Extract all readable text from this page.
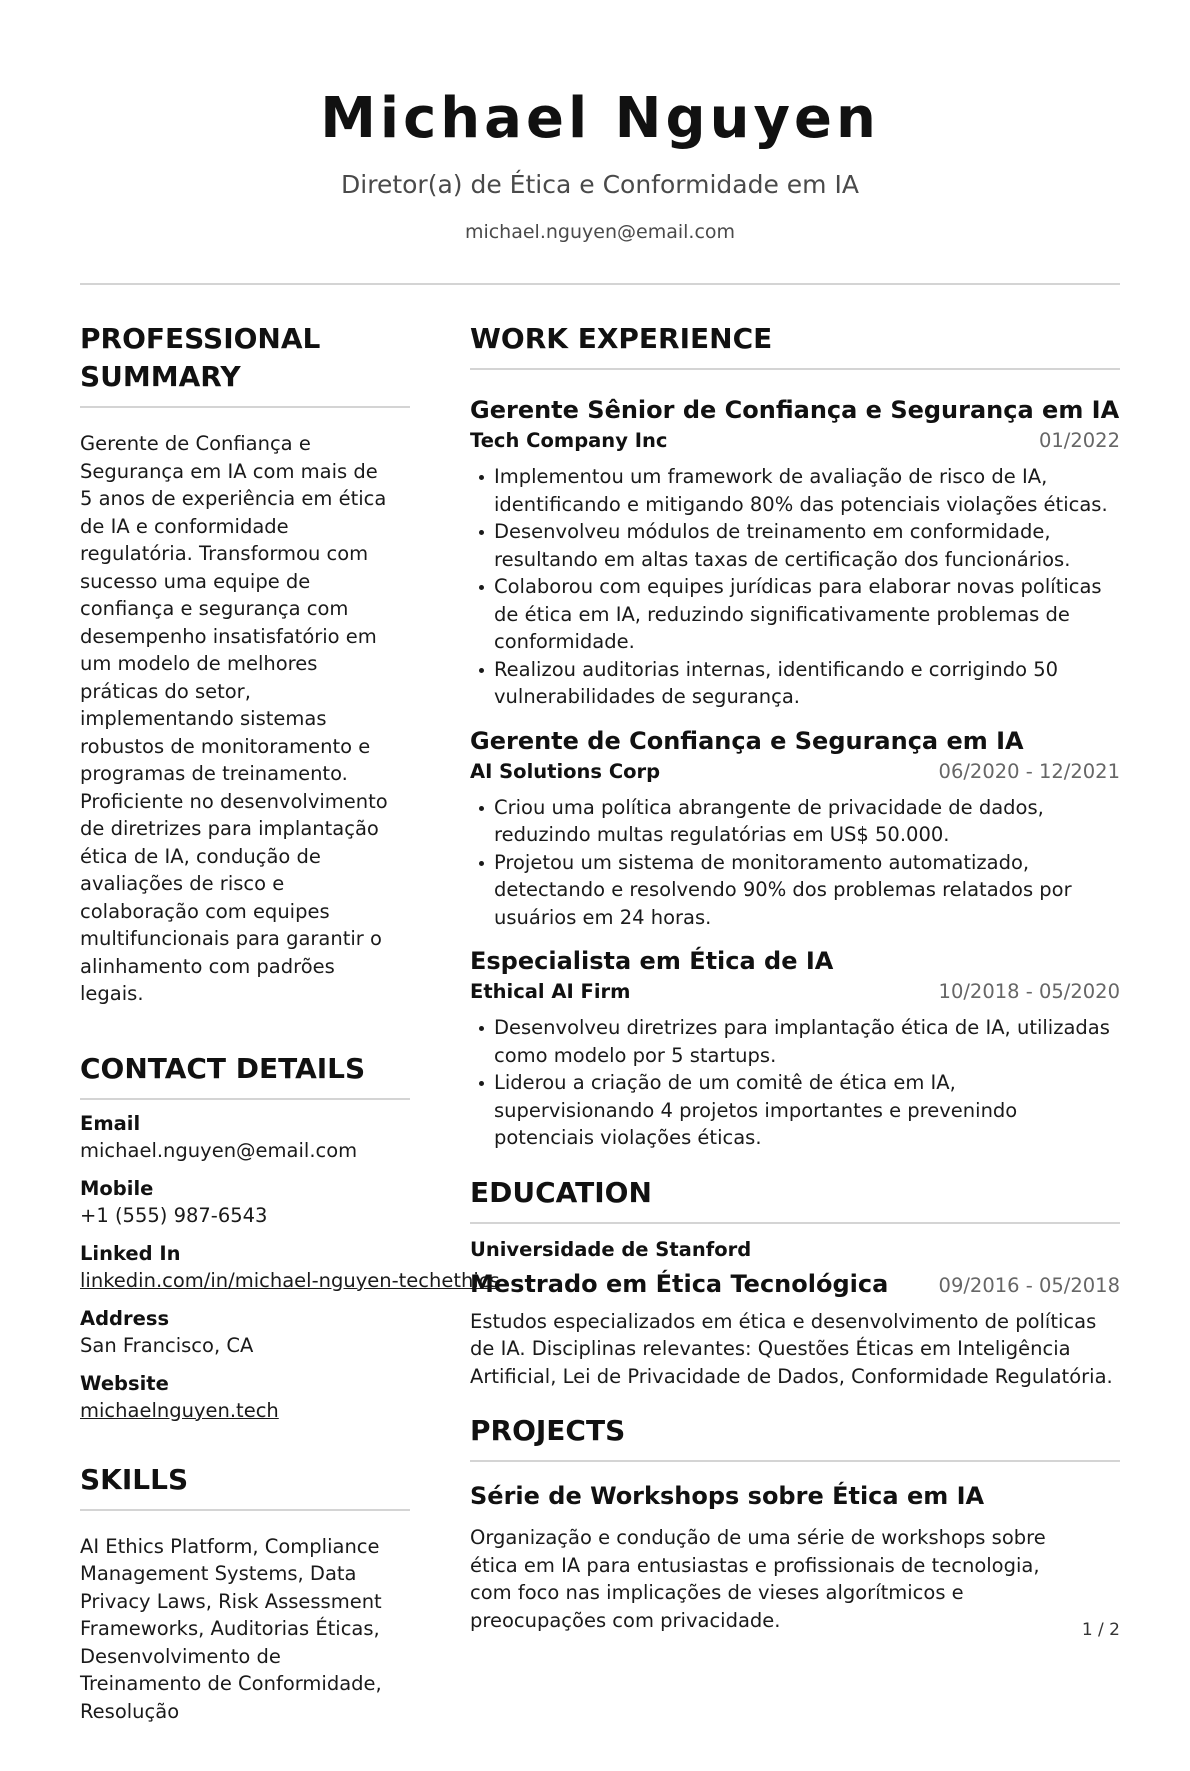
Michael Nguyen
Diretor(a) de Ética e Conformidade em IA
michael.nguyen@email.com
PROFESSIONAL SUMMARY
Gerente de Confiança e Segurança em IA com mais de 5 anos de experiência em ética de IA e conformidade regulatória. Transformou com sucesso uma equipe de confiança e segurança com desempenho insatisfatório em um modelo de melhores práticas do setor, implementando sistemas robustos de monitoramento e programas de treinamento. Proficiente no desenvolvimento de diretrizes para implantação ética de IA, condução de avaliações de risco e colaboração com equipes multifuncionais para garantir o alinhamento com padrões legais.
CONTACT DETAILS
Email
michael.nguyen@email.com
Mobile
+1 (555) 987-6543
Linked In
linkedin.com/in/michael-nguyen-techethics
Address
San Francisco, CA
Website
michaelnguyen.tech
SKILLS
AI Ethics Platform, Compliance Management Systems, Data Privacy Laws, Risk Assessment Frameworks, Auditorias Éticas, Desenvolvimento de Treinamento de Conformidade, Resolução
WORK EXPERIENCE
Gerente Sênior de Confiança e Segurança em IA
Tech Company Inc	01/2022
Implementou um framework de avaliação de risco de IA, identificando e mitigando 80% das potenciais violações éticas.
Desenvolveu módulos de treinamento em conformidade, resultando em altas taxas de certificação dos funcionários.
Colaborou com equipes jurídicas para elaborar novas políticas de ética em IA, reduzindo significativamente problemas de conformidade.
Realizou auditorias internas, identificando e corrigindo 50 vulnerabilidades de segurança.
Gerente de Confiança e Segurança em IA
AI Solutions Corp	06/2020 - 12/2021
Criou uma política abrangente de privacidade de dados, reduzindo multas regulatórias em US$ 50.000.
Projetou um sistema de monitoramento automatizado, detectando e resolvendo 90% dos problemas relatados por usuários em 24 horas.
Especialista em Ética de IA
Ethical AI Firm	10/2018 - 05/2020
Desenvolveu diretrizes para implantação ética de IA, utilizadas como modelo por 5 startups.
Liderou a criação de um comitê de ética em IA, supervisionando 4 projetos importantes e prevenindo potenciais violações éticas.
EDUCATION
Universidade de Stanford
Mestrado em Ética Tecnológica	09/2016 - 05/2018
Estudos especializados em ética e desenvolvimento de políticas de IA. Disciplinas relevantes: Questões Éticas em Inteligência Artificial, Lei de Privacidade de Dados, Conformidade Regulatória.
PROJECTS
Série de Workshops sobre Ética em IA
Organização e condução de uma série de workshops sobre ética em IA para entusiastas e profissionais de tecnologia, com foco nas implicações de vieses algorítmicos e preocupações com privacidade.	1 / 2
